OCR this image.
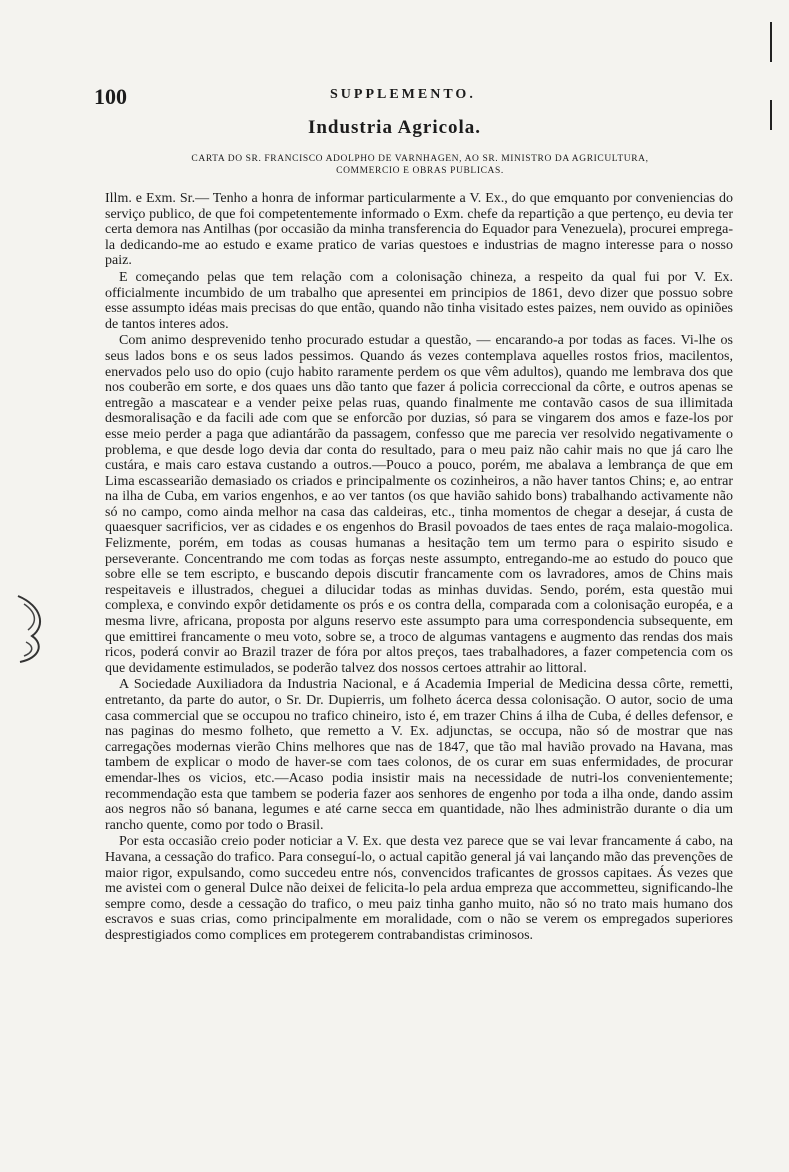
100	SUPPLEMENTO.
Industria Agricola.
CARTA DO SR. FRANCISCO ADOLPHO DE VARNHAGEN, AO SR. MINISTRO DA AGRICULTURA,
COMMERCIO E OBRAS PUBLICAS.

Illm. e Exm. Sr.— Tenho a honra de informar particularmente a V. Ex., do que emquanto por conveniencias do serviço publico, de que foi competentemente informado o Exm. chefe da repartição a que pertenço, eu devia ter certa demora nas Antilhas (por occasião da minha transferencia do Equador para Venezuela), procurei emprega-la dedicando-me ao estudo e exame pratico de varias questoes e industrias de magno interesse para o nosso paiz.

E começando pelas que tem relação com a colonisação chineza, a respeito da qual fui por V. Ex. officialmente incumbido de um trabalho que apresentei em principios de 1861, devo dizer que possuo sobre esse assumpto idéas mais precisas do que então, quando não tinha visitado estes paizes, nem ouvido as opiniões de tantos interes ados.

Com animo desprevenido tenho procurado estudar a questão, — encarando-a por todas as faces. Vi-lhe os seus lados bons e os seus lados pessimos. Quando ás vezes contemplava aquelles rostos frios, macilentos, enervados pelo uso do opio (cujo habito raramente perdem os que vêm adultos), quando me lembrava dos que nos couberão em sorte, e dos quaes uns dão tanto que fazer á policia correccional da côrte, e outros apenas se entregão a mascatear e a vender peixe pelas ruas, quando finalmente me contavão casos de sua illimitada desmoralisação e da facili ade com que se enforcão por duzias, só para se vingarem dos amos e faze-los por esse meio perder a paga que adiantárão da passagem, confesso que me parecia ver resolvido negativamente o problema, e que desde logo devia dar conta do resultado, para o meu paiz não cahir mais no que já caro lhe custára, e mais caro estava custando a outros.—Pouco a pouco, porém, me abalava a lembrança de que em Lima escassearião demasiado os criados e principalmente os cozinheiros, a não haver tantos Chins; e, ao entrar na ilha de Cuba, em varios engenhos, e ao ver tantos (os que havião sahido bons) trabalhando activamente não só no campo, como ainda melhor na casa das caldeiras, etc., tinha momentos de chegar a desejar, á custa de quaesquer sacrificios, ver as cidades e os engenhos do Brasil povoados de taes entes de raça malaio-mogolica. Felizmente, porém, em todas as cousas humanas a hesitação tem um termo para o espirito sisudo e perseverante. Concentrando me com todas as forças neste assumpto, entregando-me ao estudo do pouco que sobre elle se tem escripto, e buscando depois discutir francamente com os lavradores, amos de Chins mais respeitaveis e illustrados, cheguei a dilucidar todas as minhas duvidas. Sendo, porém, esta questão mui complexa, e convindo expôr detidamente os prós e os contra della, comparada com a colonisação européa, e a mesma livre, africana, proposta por alguns reservo este assumpto para uma correspondencia subsequente, em que emittirei francamente o meu voto, sobre se, a troco de algumas vantagens e augmento das rendas dos mais ricos, poderá convir ao Brazil trazer de fóra por altos preços, taes trabalhadores, a fazer competencia com os que devidamente estimulados, se poderão talvez dos nossos certoes attrahir ao littoral.

A Sociedade Auxiliadora da Industria Nacional, e á Academia Imperial de Medicina dessa côrte, remetti, entretanto, da parte do autor, o Sr. Dr. Dupierris, um folheto ácerca dessa colonisação. O autor, socio de uma casa commercial que se occupou no trafico chineiro, isto é, em trazer Chins á ilha de Cuba, é delles defensor, e nas paginas do mesmo folheto, que remetto a V. Ex. adjunctas, se occupa, não só de mostrar que nas carregações modernas vierão Chins melhores que nas de 1847, que tão mal havião provado na Havana, mas tambem de explicar o modo de haver-se com taes colonos, de os curar em suas enfermidades, de procurar emendar-lhes os vicios, etc.—Acaso podia insistir mais na necessidade de nutri-los convenientemente; recommendação esta que tambem se poderia fazer aos senhores de engenho por toda a ilha onde, dando assim aos negros não só banana, legumes e até carne secca em quantidade, não lhes administrão durante o dia um rancho quente, como por todo o Brasil.

Por esta occasião creio poder noticiar a V. Ex. que desta vez parece que se vai levar francamente á cabo, na Havana, a cessação do trafico. Para conseguí-lo, o actual capitão general já vai lançando mão das prevenções de maior rigor, expulsando, como succedeu entre nós, convencidos traficantes de grossos capitaes. Ás vezes que me avistei com o general Dulce não deixei de felicita-lo pela ardua empreza que accommetteu, significando-lhe sempre como, desde a cessação do trafico, o meu paiz tinha ganho muito, não só no trato mais humano dos escravos e suas crias, como principalmente em moralidade, com o não se verem os empregados superiores desprestigiados como complices em protegerem contrabandistas criminosos.
